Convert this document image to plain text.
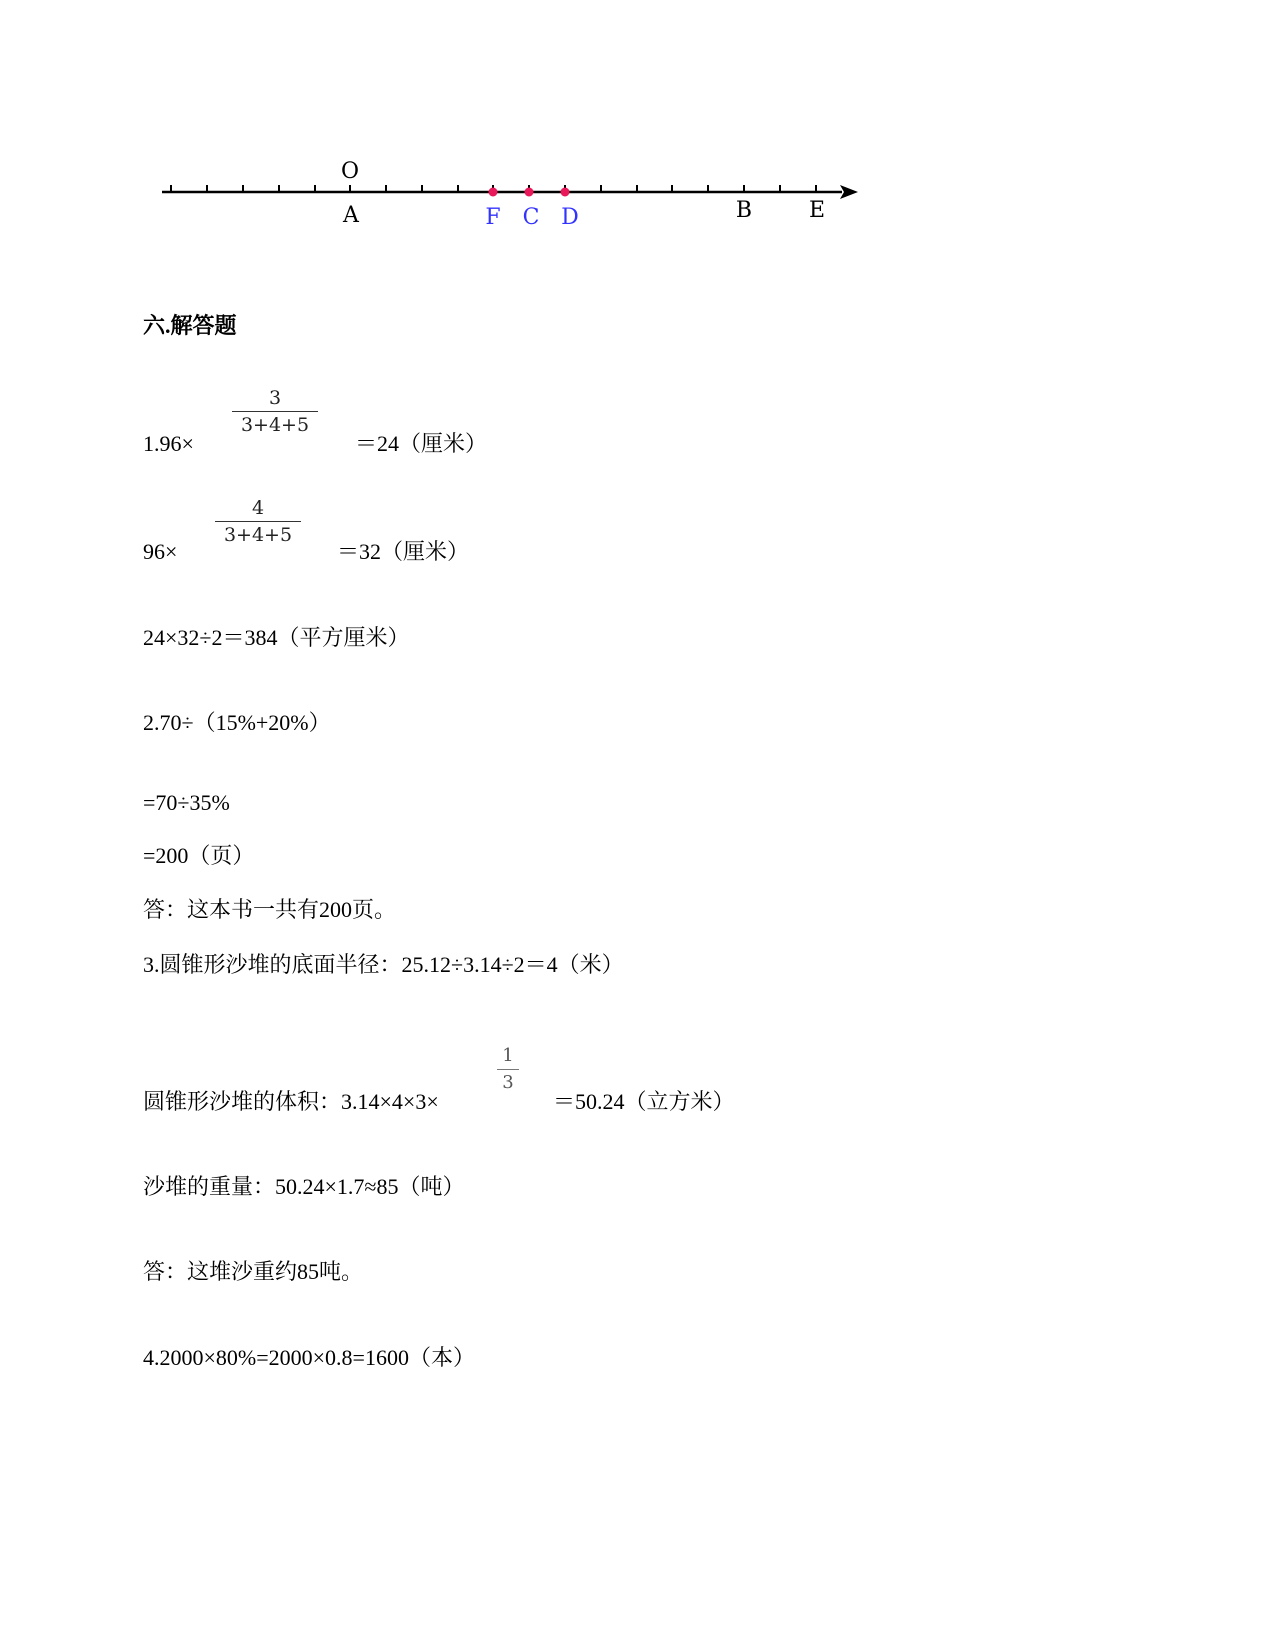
O
A	F C D	B	E
六.解答题
1.96×
3
3+4+5
＝24（厘米）
96×
4
3+4+5
＝32（厘米）
24×32÷2＝384（平方厘米）
2.70÷（15%+20%）
=70÷35%
=200（页）
答：这本书一共有200页。
3.圆锥形沙堆的底面半径：25.12÷3.14÷2＝4（米）
圆锥形沙堆的体积：3.14×4×3×
1
3
＝50.24（立方米）
沙堆的重量：50.24×1.7≈85（吨）
答：这堆沙重约85吨。
4.2000×80%=2000×0.8=1600（本）
